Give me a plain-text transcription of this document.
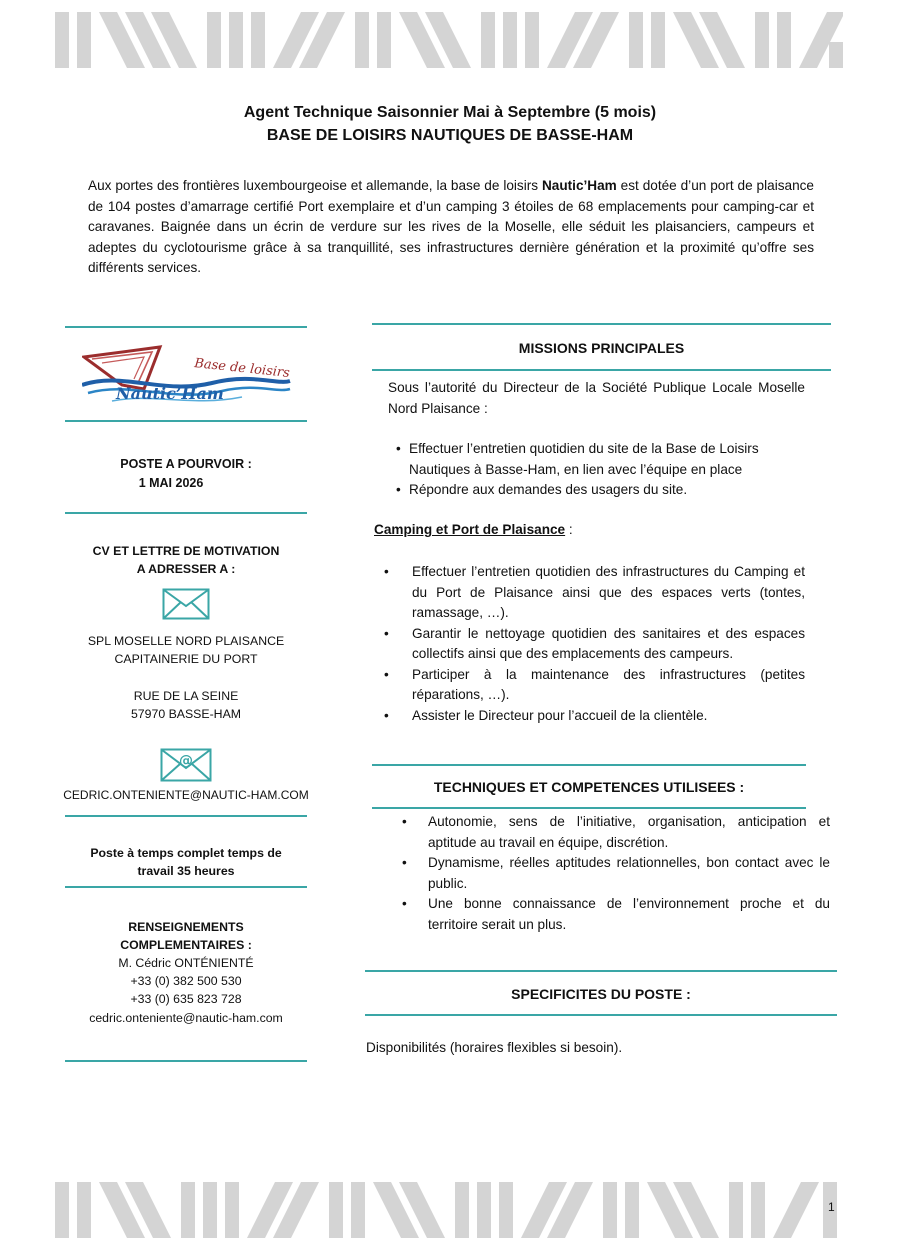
Agent Technique Saisonnier Mai à Septembre (5 mois)
BASE DE LOISIRS NAUTIQUES DE BASSE-HAM
Aux portes des frontières luxembourgeoise et allemande, la base de loisirs Nautic’Ham est dotée d’un port de plaisance de 104 postes d’amarrage certifié Port exemplaire et d’un camping 3 étoiles de 68 emplacements pour camping-car et caravanes. Baignée dans un écrin de verdure sur les rives de la Moselle, elle séduit les plaisanciers, campeurs et adeptes du cyclotourisme grâce à sa tranquillité, ses infrastructures dernière génération et la proximité qu’offre ses différents services.
Base de loisirs
Nautic’Ham
POSTE A POURVOIR :
1 MAI 2026
CV ET LETTRE DE MOTIVATION
A ADRESSER A :
SPL MOSELLE NORD PLAISANCE
CAPITAINERIE DU PORT
RUE DE LA SEINE
57970 BASSE-HAM
@
CEDRIC.ONTENIENTE@NAUTIC-HAM.COM
Poste à temps complet temps de
travail 35 heures
RENSEIGNEMENTS
COMPLEMENTAIRES :
M. Cédric ONTÉNIENTÉ
+33 (0) 382 500 530
+33 (0) 635 823 728
cedric.onteniente@nautic-ham.com
MISSIONS PRINCIPALES
Sous l’autorité du Directeur de la Société Publique Locale Moselle Nord Plaisance :
• Effectuer l’entretien quotidien du site de la Base de Loisirs Nautiques à Basse-Ham, en lien avec l’équipe en place
• Répondre aux demandes des usagers du site.
Camping et Port de Plaisance :
• Effectuer l’entretien quotidien des infrastructures du Camping et du Port de Plaisance ainsi que des espaces verts (tontes, ramassage, …).
• Garantir le nettoyage quotidien des sanitaires et des espaces collectifs ainsi que des emplacements des campeurs.
• Participer à la maintenance des infrastructures (petites réparations, …).
• Assister le Directeur pour l’accueil de la clientèle.
TECHNIQUES ET COMPETENCES UTILISEES :
• Autonomie, sens de l’initiative, organisation, anticipation et aptitude au travail en équipe, discrétion.
• Dynamisme, réelles aptitudes relationnelles, bon contact avec le public.
• Une bonne connaissance de l’environnement proche et du territoire serait un plus.
SPECIFICITES DU POSTE :
Disponibilités (horaires flexibles si besoin).
1
